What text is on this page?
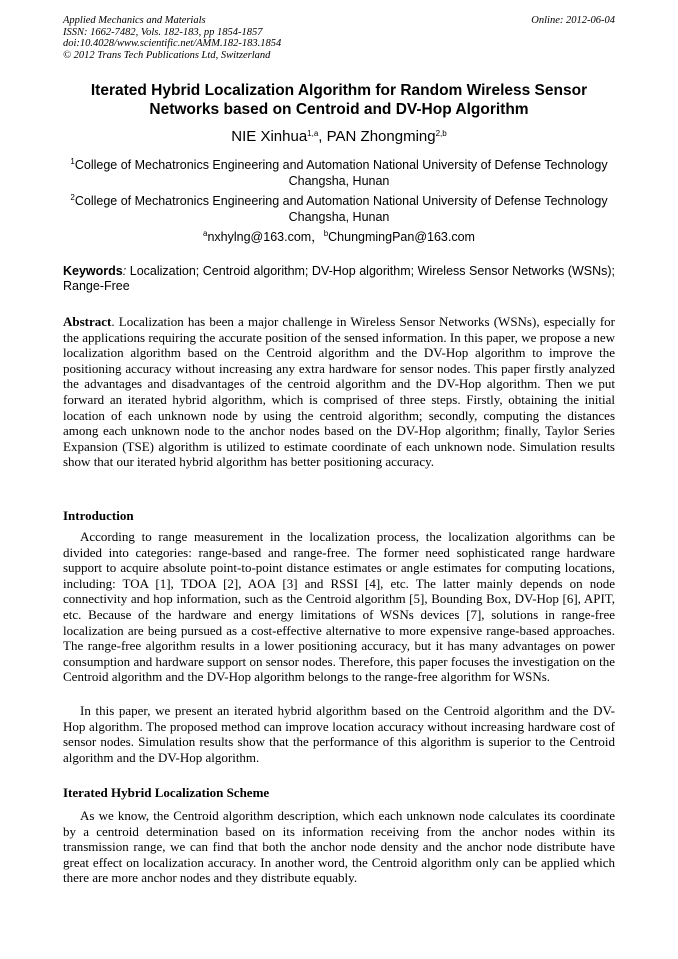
Applied Mechanics and Materials
ISSN: 1662-7482, Vols. 182-183, pp 1854-1857
doi:10.4028/www.scientific.net/AMM.182-183.1854
© 2012 Trans Tech Publications Ltd, Switzerland
Online: 2012-06-04
Iterated Hybrid Localization Algorithm for Random Wireless Sensor
Networks based on Centroid and DV-Hop Algorithm
NIE Xinhua$^{1,a}$, PAN Zhongming$^{2,b}$
$^1$College of Mechatronics Engineering and Automation National University of Defense Technology
Changsha, Hunan
$^2$College of Mechatronics Engineering and Automation National University of Defense Technology
Changsha, Hunan
$^a$nxhylng@163.com，$^b$ChungmingPan@163.com
Keywords: Localization; Centroid algorithm; DV-Hop algorithm; Wireless Sensor Networks (WSNs); Range-Free
Abstract. Localization has been a major challenge in Wireless Sensor Networks (WSNs), especially for the applications requiring the accurate position of the sensed information. In this paper, we propose a new localization algorithm based on the Centroid algorithm and the DV-Hop algorithm to improve the positioning accuracy without increasing any extra hardware for sensor nodes. This paper firstly analyzed the advantages and disadvantages of the centroid algorithm and the DV-Hop algorithm. Then we put forward an iterated hybrid algorithm, which is comprised of three steps. Firstly, obtaining the initial location of each unknown node by using the centroid algorithm; secondly, computing the distances among each unknown node to the anchor nodes based on the DV-Hop algorithm; finally, Taylor Series Expansion (TSE) algorithm is utilized to estimate coordinate of each unknown node. Simulation results show that our iterated hybrid algorithm has better positioning accuracy.
Introduction
According to range measurement in the localization process, the localization algorithms can be divided into categories: range-based and range-free. The former need sophisticated range hardware support to acquire absolute point-to-point distance estimates or angle estimates for computing locations, including: TOA [1], TDOA [2], AOA [3] and RSSI [4], etc. The latter mainly depends on node connectivity and hop information, such as the Centroid algorithm [5], Bounding Box, DV-Hop [6], APIT, etc. Because of the hardware and energy limitations of WSNs devices [7], solutions in range-free localization are being pursued as a cost-effective alternative to more expensive range-based approaches. The range-free algorithm results in a lower positioning accuracy, but it has many advantages on power consumption and hardware support on sensor nodes. Therefore, this paper focuses the investigation on the Centroid algorithm and the DV-Hop algorithm belongs to the range-free algorithm for WSNs.
In this paper, we present an iterated hybrid algorithm based on the Centroid algorithm and the DV-Hop algorithm. The proposed method can improve location accuracy without increasing hardware cost of sensor nodes. Simulation results show that the performance of this algorithm is superior to the Centroid algorithm and the DV-Hop algorithm.
Iterated Hybrid Localization Scheme
As we know, the Centroid algorithm description, which each unknown node calculates its coordinate by a centroid determination based on its information receiving from the anchor nodes within its transmission range, we can find that both the anchor node density and the anchor node distribute have great effect on localization accuracy. In another word, the Centroid algorithm only can be applied which there are more anchor nodes and they distribute equably.
